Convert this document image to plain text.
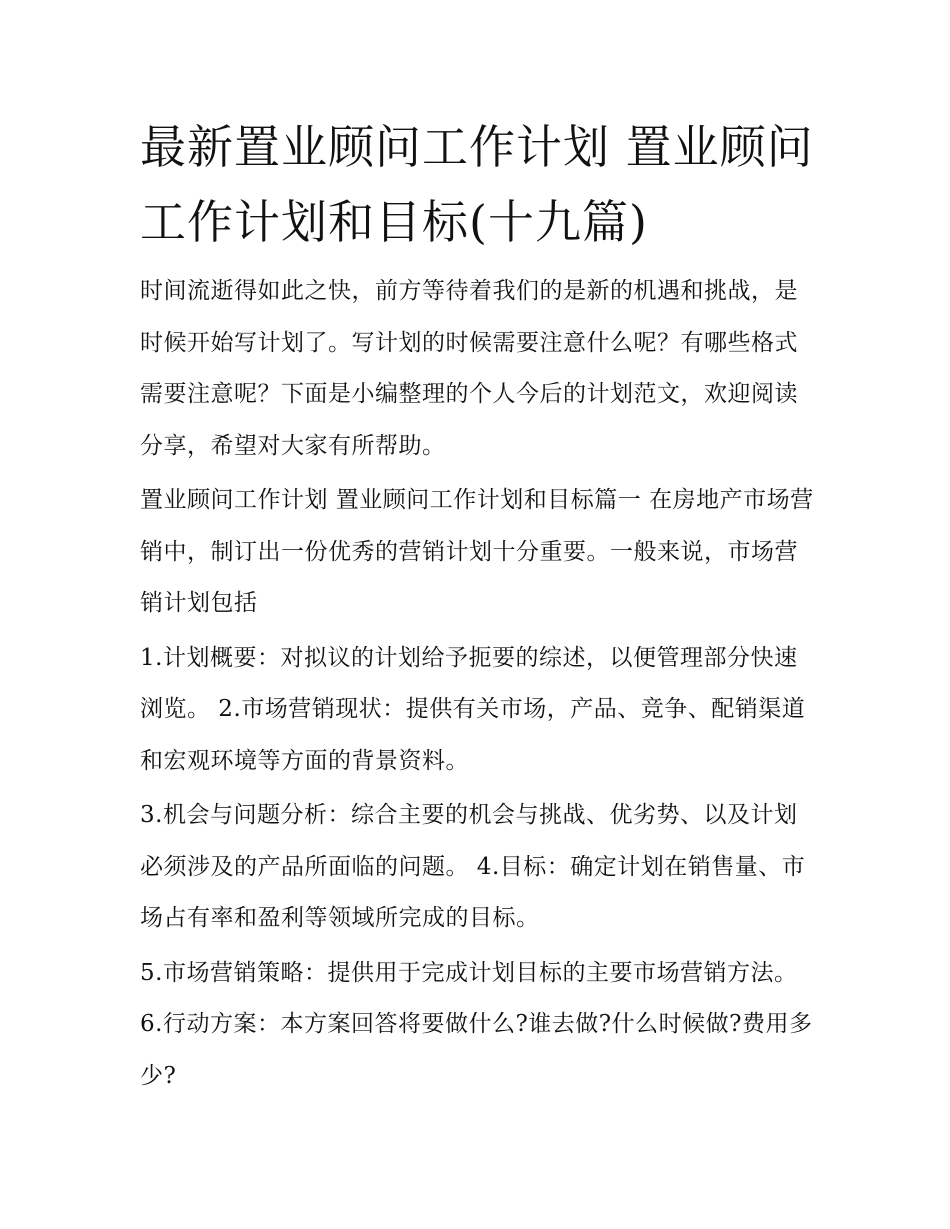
最新置业顾问工作计划 置业顾问工作计划和目标(十九篇)

时间流逝得如此之快，前方等待着我们的是新的机遇和挑战，是时候开始写计划了。写计划的时候需要注意什么呢？有哪些格式需要注意呢？下面是小编整理的个人今后的计划范文，欢迎阅读分享，希望对大家有所帮助。

置业顾问工作计划 置业顾问工作计划和目标篇一 在房地产市场营销中，制订出一份优秀的营销计划十分重要。一般来说，市场营销计划包括

1.计划概要：对拟议的计划给予扼要的综述，以便管理部分快速浏览。 2.市场营销现状：提供有关市场，产品、竞争、配销渠道和宏观环境等方面的背景资料。

3.机会与问题分析：综合主要的机会与挑战、优劣势、以及计划必须涉及的产品所面临的问题。 4.目标：确定计划在销售量、市场占有率和盈利等领域所完成的目标。

5.市场营销策略：提供用于完成计划目标的主要市场营销方法。 6.行动方案：本方案回答将要做什么?谁去做?什么时候做?费用多少?
